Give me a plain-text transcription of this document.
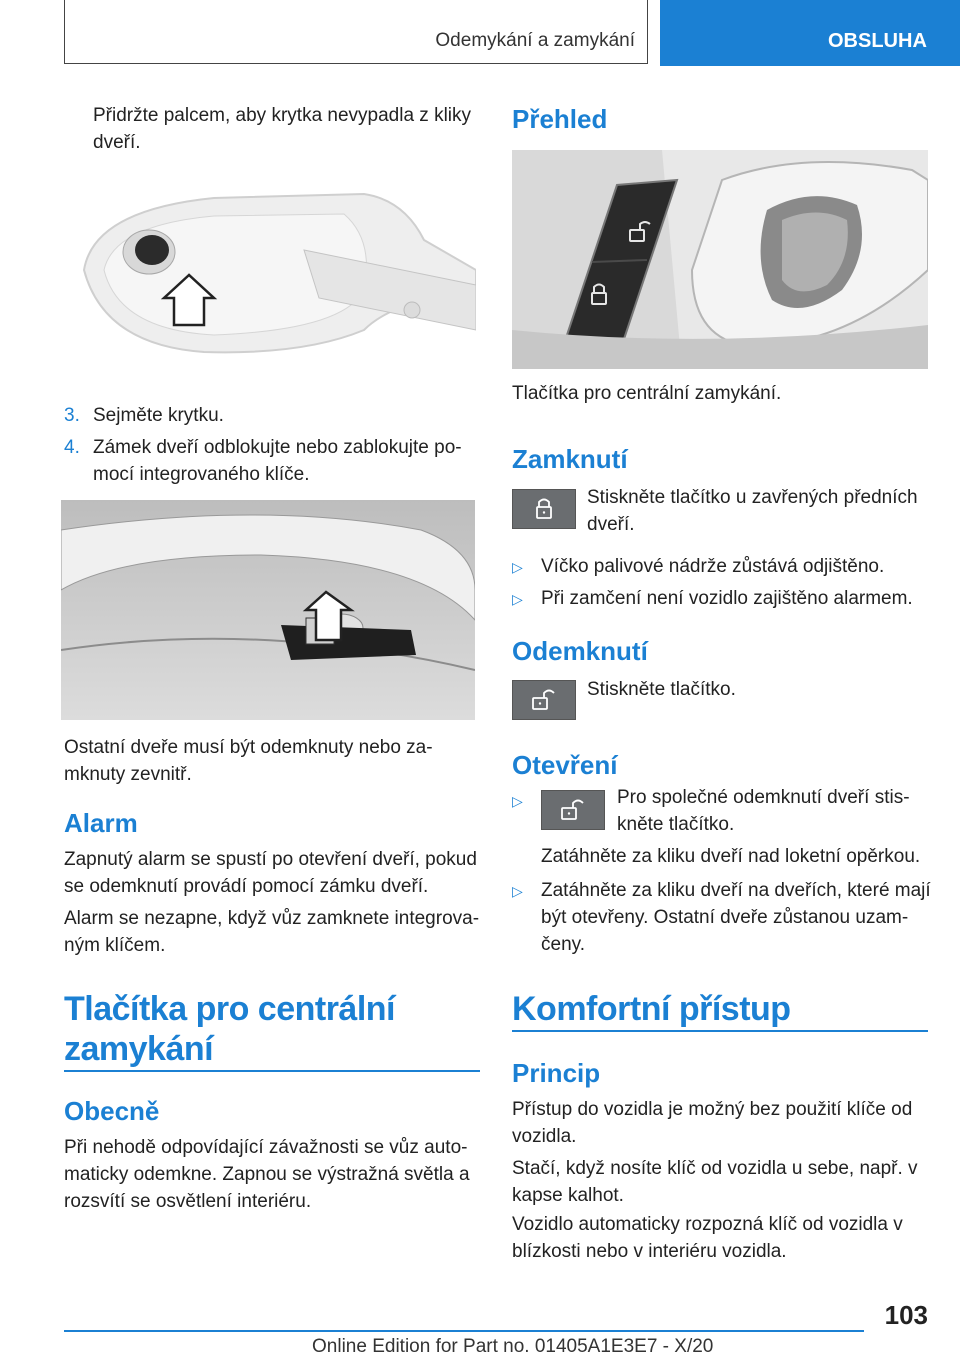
Odemykání a zamykání	OBSLUHA

Přidržte palcem, aby krytka nevypadla z kliky

dveří.

3. Sejměte krytku.
4. Zámek dveří odblokujte nebo zablokujte po‐
mocí integrovaného klíče.

Ostatní dveře musí být odemknuty nebo za‐

mknuty zevnitř.

Alarm

Zapnutý alarm se spustí po otevření dveří, pokud

se odemknutí provádí pomocí zámku dveří.

Alarm se nezapne, když vůz zamknete integrova‐

ným klíčem.

Tlačítka pro centrální
zamykání
Obecně

Při nehodě odpovídající závažnosti se vůz auto‐

maticky odemkne. Zapnou se výstražná světla a

rozsvítí se osvětlení interiéru.

Přehled

Tlačítka pro centrální zamykání.

Zamknutí

Stiskněte tlačítko u zavřených předních

dveří.

▷ Víčko palivové nádrže zůstává odjištěno.
▷ Při zamčení není vozidlo zajištěno alarmem.
Odemknutí

Stiskněte tlačítko.

Otevření
▷	Pro společné odemknutí dveří stis‐

kněte tlačítko.

Zatáhněte za kliku dveří nad loketní opěrkou.

▷ Zatáhněte za kliku dveří na dveřích, které mají
být otevřeny. Ostatní dveře zůstanou uzam‐
čeny.
Komfortní přístup
Princip

Přístup do vozidla je možný bez použití klíče od

vozidla.

Stačí, když nosíte klíč od vozidla u sebe, např. v

kapse kalhot.

Vozidlo automaticky rozpozná klíč od vozidla v

blízkosti nebo v interiéru vozidla.

103
Online Edition for Part no. 01405A1E3E7 - X/20
